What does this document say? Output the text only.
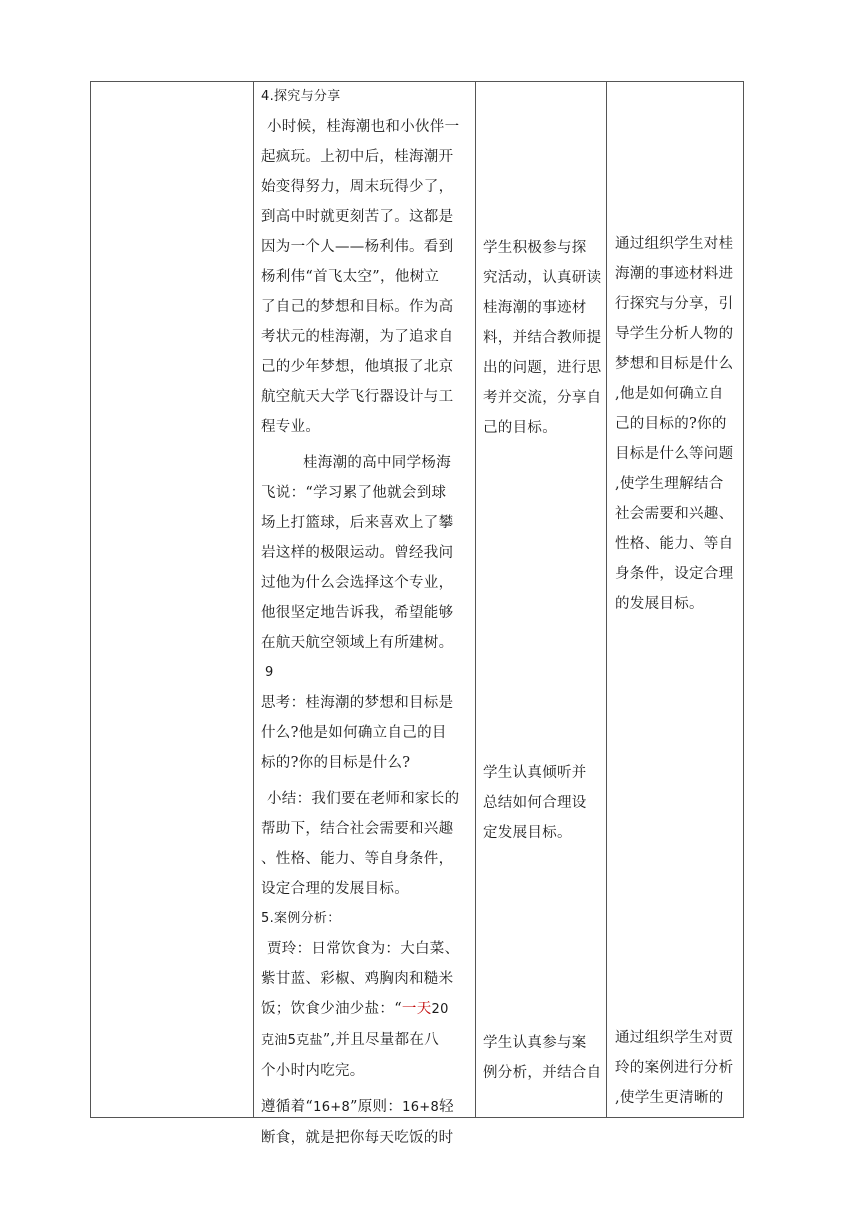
4.探究与分享

小时候，桂海潮也和小伙伴一

起疯玩。上初中后，桂海潮开

始变得努力，周末玩得少了，

到高中时就更刻苦了。这都是

因为一个人——杨利伟。看到

杨利伟“首飞太空”，他树立

了自己的梦想和目标。作为高

考状元的桂海潮，为了追求自

己的少年梦想，他填报了北京

航空航天大学飞行器设计与工

程专业。

桂海潮的高中同学杨海

飞说：“学习累了他就会到球

场上打篮球，后来喜欢上了攀

岩这样的极限运动。曾经我问

过他为什么会选择这个专业，

他很坚定地告诉我，希望能够

在航天航空领域上有所建树。

9

思考：桂海潮的梦想和目标是

什么?他是如何确立自己的目

标的?你的目标是什么?

小结：我们要在老师和家长的

帮助下，结合社会需要和兴趣

、性格、能力、等自身条件，

设定合理的发展目标。

5.案例分析：

贾玲：日常饮食为：大白菜、

紫甘蓝、彩椒、鸡胸肉和糙米

饭；饮食少油少盐：“一天20

克油5克盐”,并且尽量都在八

个小时内吃完。

遵循着“16+8”原则：16+8轻

断食，就是把你每天吃饭的时

学生积极参与探

究活动，认真研读

桂海潮的事迹材

料，并结合教师提

出的问题，进行思

考并交流，分享自

己的目标。

学生认真倾听并

总结如何合理设

定发展目标。

学生认真参与案

例分析，并结合自

通过组织学生对桂

海潮的事迹材料进

行探究与分享，引

导学生分析人物的

梦想和目标是什么

,他是如何确立自

己的目标的?你的

目标是什么等问题

,使学生理解结合

社会需要和兴趣、

性格、能力、等自

身条件，设定合理

的发展目标。

通过组织学生对贾

玲的案例进行分析

,使学生更清晰的
